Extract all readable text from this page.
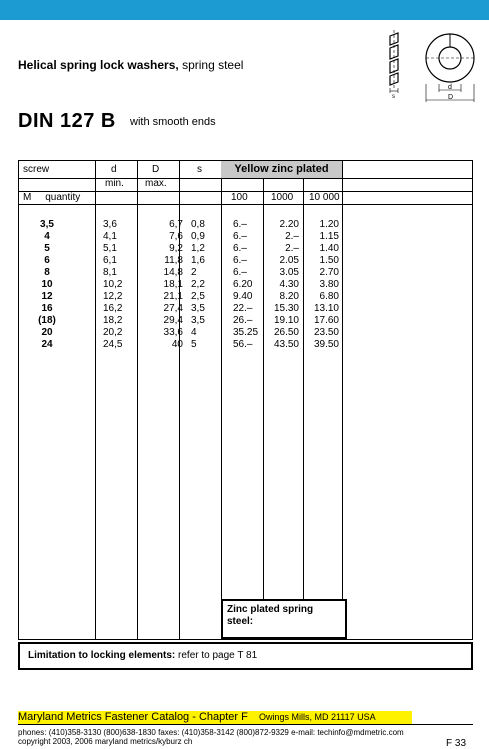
Helical spring lock washers, spring steel
DIN 127 B with smooth ends
d
D
s
Yellow zinc plated
screw	d	D	s
min. max.
M     quantity	100 1000 10 000
3,5	3,6	6,7 0,8	6.–	2.20	1.20
4	4,1	7,6 0,9	6.–	2.–	1.15
5	5,1	9,2 1,2	6.–	2.–	1.40
6	6,1	11,8 1,6	6.–	2.05	1.50
8	8,1	14,8 2	6.–	3.05	2.70
10	10,2	18,1 2,2	6.20	4.30	3.80
12	12,2	21,1 2,5	9.40	8.20	6.80
16	16,2	27,4 3,5	22.–	15.30	13.10
(18)	18,2	29,4 3,5	26.–	19.10	17.60
20	20,2	33,6 4	35.25	26.50	23.50
24	24,5	40 5	56.–	43.50	39.50
Zinc plated spring steel:
Limitation to locking elements: refer to page T 81
Maryland Metrics Fastener Catalog - Chapter F Owings Mills, MD 21117 USA
phones: (410)358-3130 (800)638-1830 faxes: (410)358-3142 (800)872-9329 e-mail: techinfo@mdmetric.com
copyright 2003, 2006 maryland metrics/kyburz ch	F 33
